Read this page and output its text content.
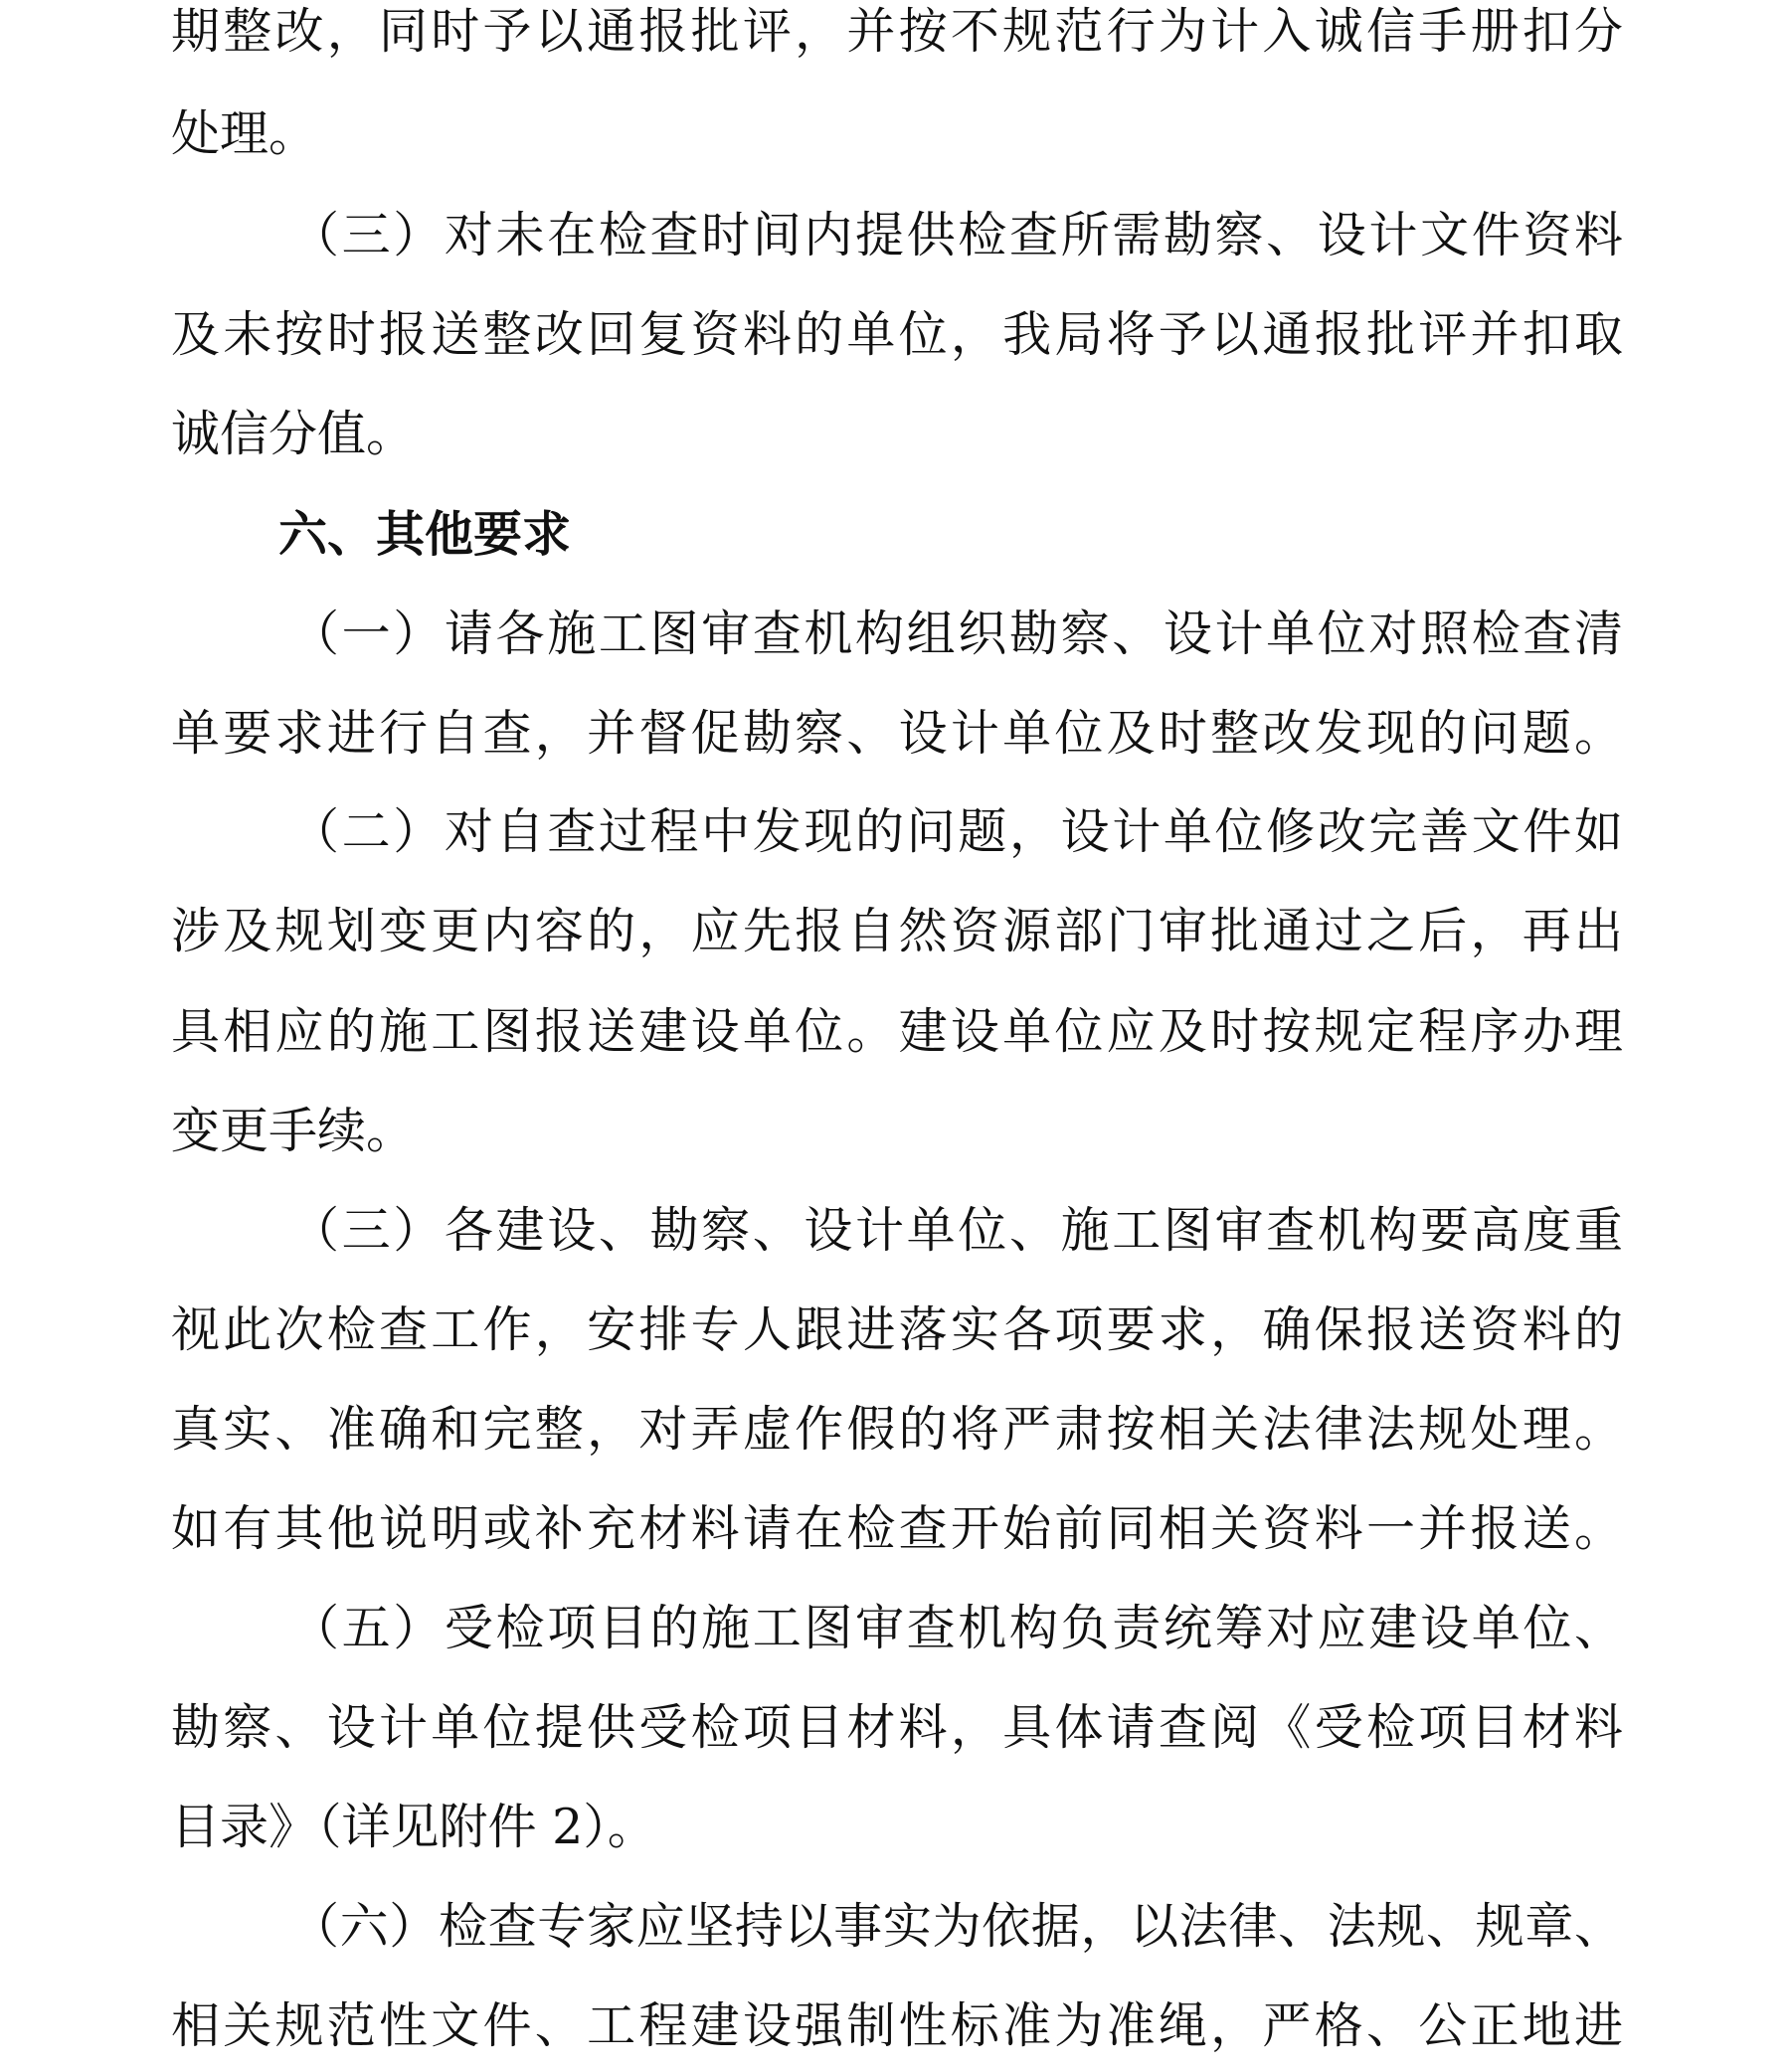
期整改，同时予以通报批评，并按不规范行为计入诚信手册扣分
处理。
（三）对未在检查时间内提供检查所需勘察、设计文件资料
及未按时报送整改回复资料的单位，我局将予以通报批评并扣取
诚信分值。
六、其他要求
（一）请各施工图审查机构组织勘察、设计单位对照检查清
单要求进行自查，并督促勘察、设计单位及时整改发现的问题。
（二）对自查过程中发现的问题，设计单位修改完善文件如
涉及规划变更内容的，应先报自然资源部门审批通过之后，再出
具相应的施工图报送建设单位。建设单位应及时按规定程序办理
变更手续。
（三）各建设、勘察、设计单位、施工图审查机构要高度重
视此次检查工作，安排专人跟进落实各项要求，确保报送资料的
真实、准确和完整，对弄虚作假的将严肃按相关法律法规处理。
如有其他说明或补充材料请在检查开始前同相关资料一并报送。
（五）受检项目的施工图审查机构负责统筹对应建设单位、
勘察、设计单位提供受检项目材料，具体请查阅《受检项目材料
目录》（详见附件 2）。
（六）检查专家应坚持以事实为依据，以法律、法规、规章、
相关规范性文件、工程建设强制性标准为准绳，严格、公正地进
